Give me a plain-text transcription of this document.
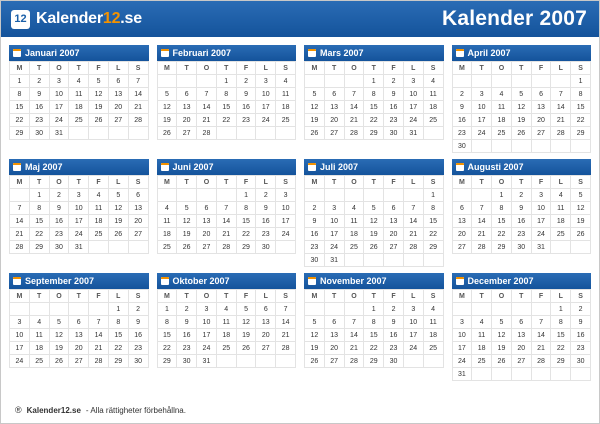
12 Kalender12.se	Kalender 2007
Januari 2007
M	T	O	T	F	L	S
1	2	3	4	5	6	7
8	9	10	11	12	13	14
15	16	17	18	19	20	21
22	23	24	25	26	27	28
29	30	31				
Februari 2007
M	T	O	T	F	L	S
			1	2	3	4
5	6	7	8	9	10	11
12	13	14	15	16	17	18
19	20	21	22	23	24	25
26	27	28				
Mars 2007
M	T	O	T	F	L	S
			1	2	3	4
5	6	7	8	9	10	11
12	13	14	15	16	17	18
19	20	21	22	23	24	25
26	27	28	29	30	31	
April 2007
M	T	O	T	F	L	S
						1
2	3	4	5	6	7	8
9	10	11	12	13	14	15
16	17	18	19	20	21	22
23	24	25	26	27	28	29
30						
Maj 2007
M	T	O	T	F	L	S
	1	2	3	4	5	6
7	8	9	10	11	12	13
14	15	16	17	18	19	20
21	22	23	24	25	26	27
28	29	30	31			
Juni 2007
M	T	O	T	F	L	S
				1	2	3
4	5	6	7	8	9	10
11	12	13	14	15	16	17
18	19	20	21	22	23	24
25	26	27	28	29	30	
Juli 2007
M	T	O	T	F	L	S
						1
2	3	4	5	6	7	8
9	10	11	12	13	14	15
16	17	18	19	20	21	22
23	24	25	26	27	28	29
30	31					
Augusti 2007
M	T	O	T	F	L	S
		1	2	3	4	5
6	7	8	9	10	11	12
13	14	15	16	17	18	19
20	21	22	23	24	25	26
27	28	29	30	31		
September 2007
M	T	O	T	F	L	S
					1	2
3	4	5	6	7	8	9
10	11	12	13	14	15	16
17	18	19	20	21	22	23
24	25	26	27	28	29	30
Oktober 2007
M	T	O	T	F	L	S
1	2	3	4	5	6	7
8	9	10	11	12	13	14
15	16	17	18	19	20	21
22	23	24	25	26	27	28
29	30	31				
November 2007
M	T	O	T	F	L	S
			1	2	3	4
5	6	7	8	9	10	11
12	13	14	15	16	17	18
19	20	21	22	23	24	25
26	27	28	29	30		
December 2007
M	T	O	T	F	L	S
					1	2
3	4	5	6	7	8	9
10	11	12	13	14	15	16
17	18	19	20	21	22	23
24	25	26	27	28	29	30
31						
® Kalender12.se - Alla rättigheter förbehållna.
